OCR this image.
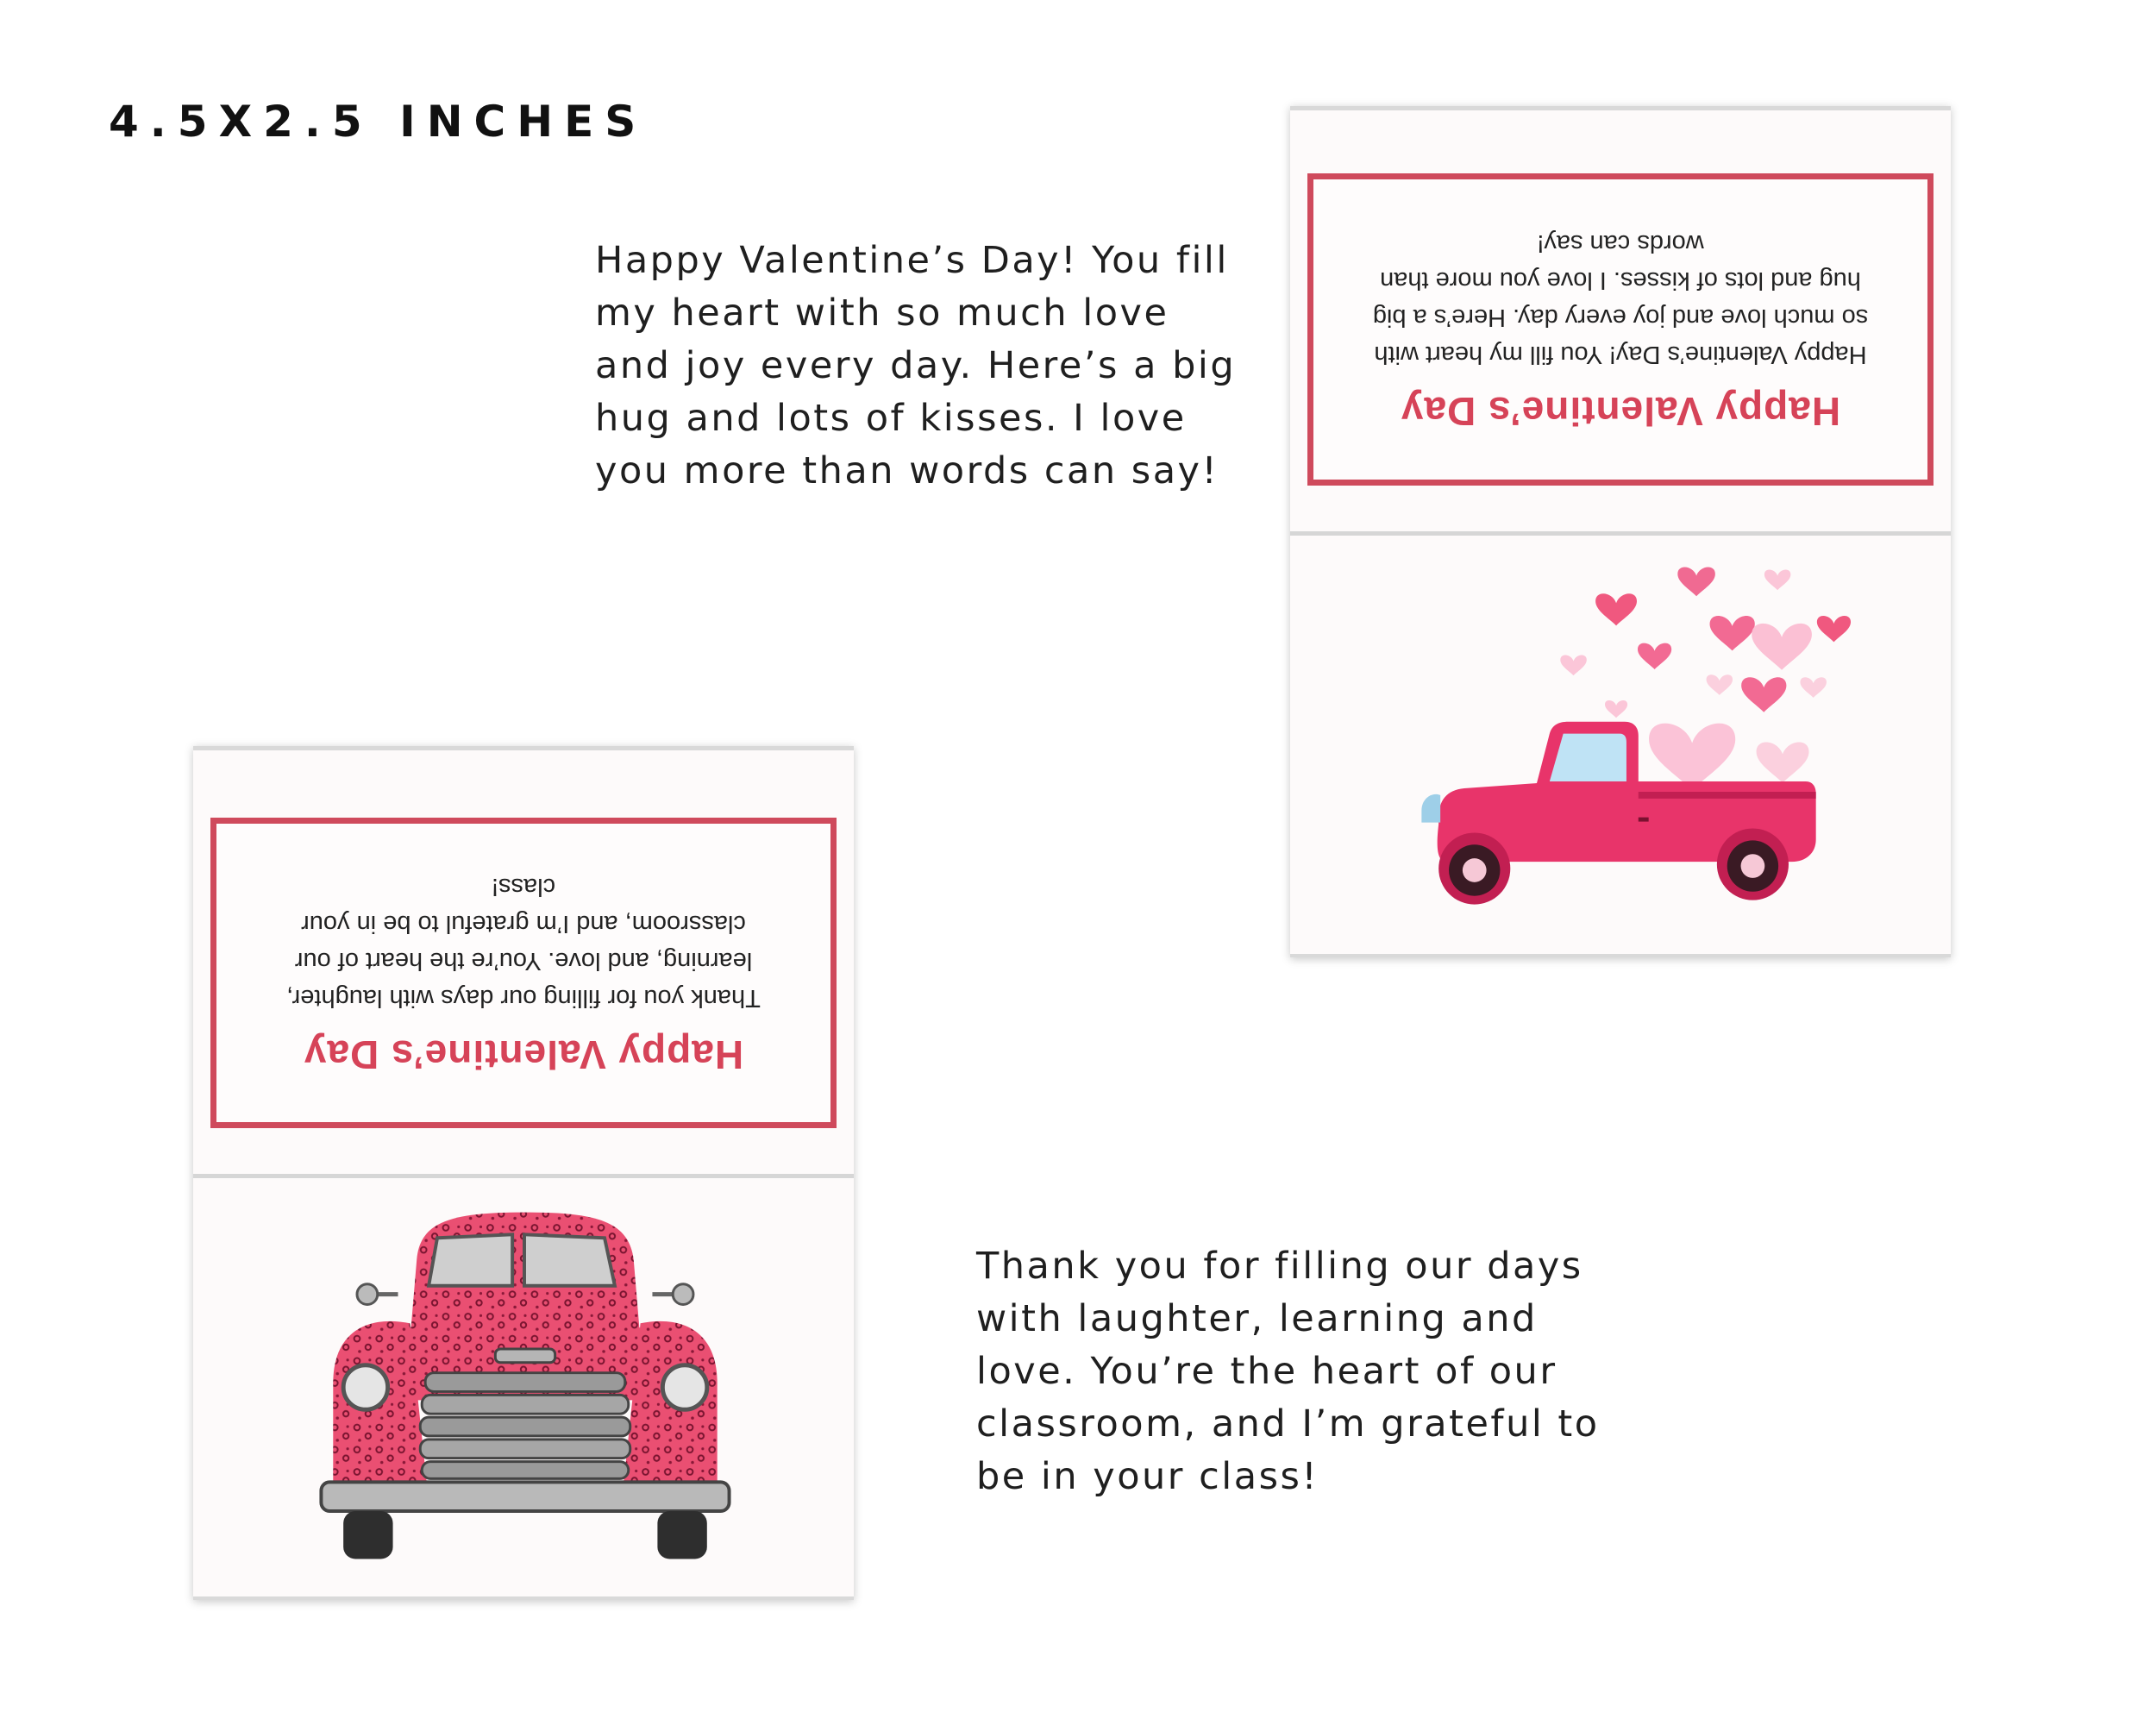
4.5X2.5 INCHES

Happy Valentine’s Day! You fill my heart with so much love and joy every day. Here’s a big hug and lots of kisses. I love you more than words can say!

Thank you for filling our days with laughter, learning and love. You’re the heart of our classroom, and I’m grateful to be in your class!

Happy Valentine’s Day

Happy Valentine’s Day! You fill my heart with so much love and joy every day. Here’s a big hug and lots of kisses. I love you more than words can say!

Happy Valentine’s Day

Thank you for filling our days with laughter, learning, and love. You’re the heart of our classroom, and I’m grateful to be in your class!
